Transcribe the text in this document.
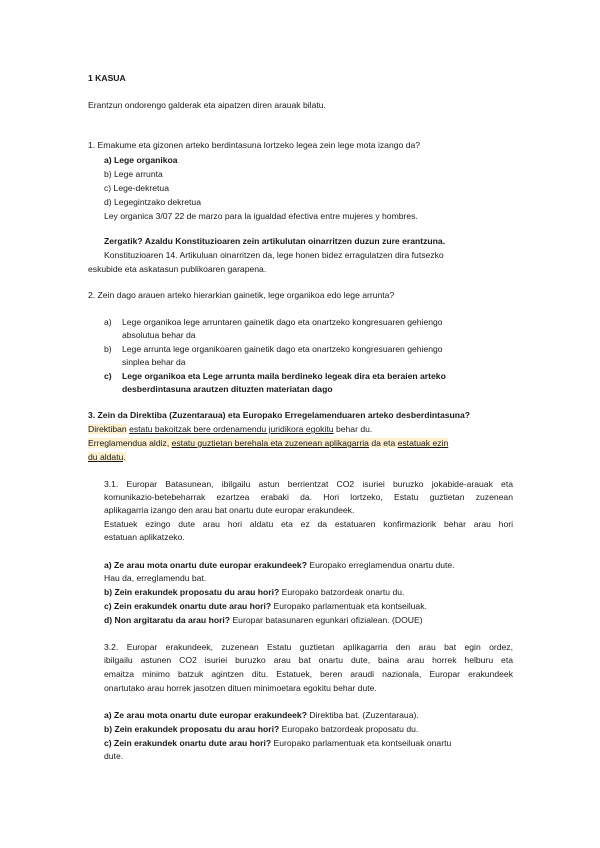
1 KASUA
Erantzun ondorengo galderak eta aipatzen diren arauak bilatu.
1. Emakume eta gizonen arteko berdintasuna lortzeko legea zein lege mota izango da?
a) Lege organikoa
b) Lege arrunta
c) Lege-dekretua
d) Legegintzako dekretua
Ley organica 3/07 22 de marzo para la igualdad efectiva entre mujeres y hombres.
Zergatik? Azaldu Konstituzioaren zein artikulutan oinarritzen duzun zure erantzuna.
Konstituzioaren 14. Artikuluan oinarritzen da, lege honen bidez erragulatzen dira futsezko
eskubide eta askatasun publikoaren garapena.
2. Zein dago arauen arteko hierarkian gainetik, lege organikoa edo lege arrunta?
a) Lege organikoa lege arruntaren gainetik dago eta onartzeko kongresuaren gehiengo
absolutua behar da
b) Lege arrunta lege organikoaren gainetik dago eta onartzeko kongresuaren gehiengo
sinplea behar da
c) Lege organikoa eta Lege arrunta maila berdineko legeak dira eta beraien arteko
desberdintasuna arautzen dituzten materiatan dago
3. Zein da Direktiba (Zuzentaraua) eta Europako Erregelamenduaren arteko desberdintasuna?
Direktiban estatu bakoitzak bere ordenamendu juridikora egokitu behar du.
Erreglamendua aldiz, estatu guztietan berehala eta zuzenean aplikagarria da eta estatuak ezin
du aldatu.
3.1. Europar Batasunean, ibilgailu astun berrientzat CO2 isuriei buruzko jokabide-arauak eta
komunikazio-betebeharrak ezartzea erabaki da. Hori lortzeko, Estatu guztietan zuzenean
aplikagarria izango den arau bat onartu dute europar erakundeek.
Estatuek ezingo dute arau hori aldatu eta ez da estatuaren konfirmaziorik behar arau hori
estatuan aplikatzeko.
a) Ze arau mota onartu dute europar erakundeek? Europako erreglamendua onartu dute.
Hau da, erreglamendu bat.
b) Zein erakundek proposatu du arau hori? Europako batzordeak onartu du.
c) Zein erakundek onartu dute arau hori? Europako parlamentuak eta kontseiluak.
d) Non argitaratu da arau hori? Europar batasunaren egunkari ofizialean. (DOUE)
3.2. Europar erakundeek, zuzenean Estatu guztietan aplikagarria den arau bat egin ordez,
ibilgailu astunen CO2 isuriei buruzko arau bat onartu dute, baina arau horrek helburu eta
emaitza minimo batzuk agintzen ditu. Estatuek, beren araudi nazionala, Europar erakundeek
onartutako arau horrek jasotzen dituen minimoetara egokitu behar dute.
a) Ze arau mota onartu dute europar erakundeek? Direktiba bat. (Zuzentaraua).
b) Zein erakundek proposatu du arau hori? Europako batzordeak proposatu du.
c) Zein erakundek onartu dute arau hori? Europako parlamentuak eta kontseiluak onartu
dute.
